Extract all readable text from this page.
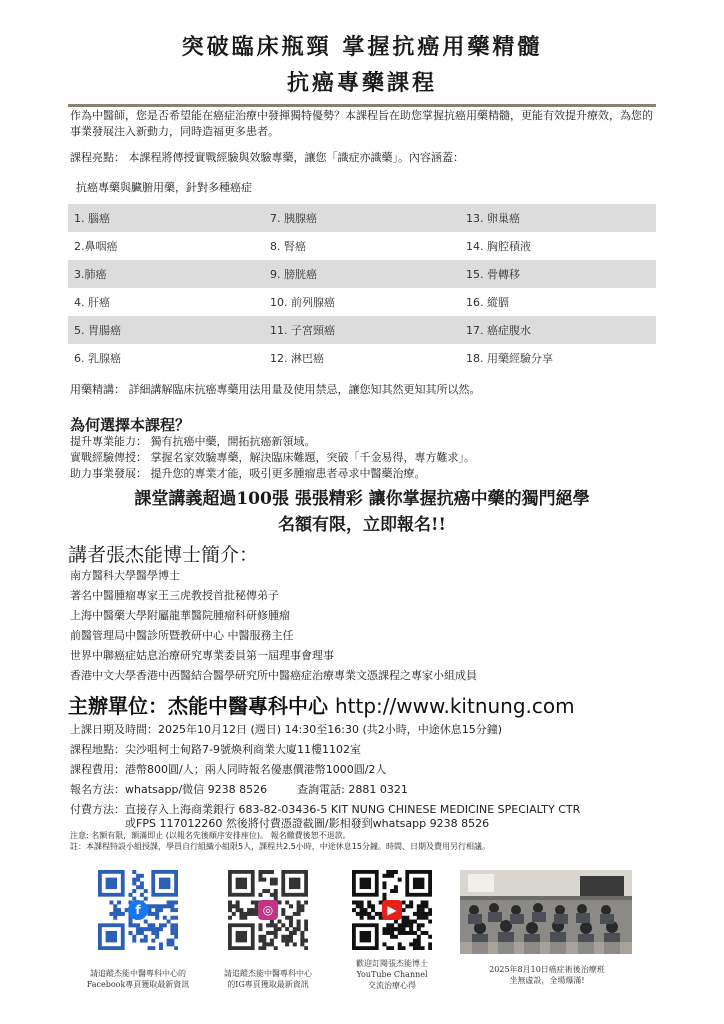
突破臨床瓶頸 掌握抗癌用藥精髓
抗癌專藥課程

作為中醫師，您是否希望能在癌症治療中發揮獨特優勢？本課程旨在助您掌握抗癌用藥精髓，更能有效提升療效，為您的事業發展注入新動力，同時造福更多患者。

課程亮點： 本課程將傳授實戰經驗與效驗專藥，讓您「識症亦識藥」。內容涵蓋：

抗癌專藥與臟腑用藥，針對多種癌症

1. 腦癌	7. 胰腺癌	13. 卵巢癌
2.鼻咽癌	8. 腎癌	14. 胸腔積液
3.肺癌	9. 膀胱癌	15. 骨轉移
4. 肝癌	10. 前列腺癌	16. 縱膈
5. 胃腸癌	11. 子宮頸癌	17. 癌症腹水
6. 乳腺癌	12. 淋巴癌	18. 用藥經驗分享

用藥精講： 詳細講解臨床抗癌專藥用法用量及使用禁忌，讓您知其然更知其所以然。

為何選擇本課程？
提升專業能力： 獨有抗癌中藥，開拓抗癌新領域。
實戰經驗傳授： 掌握名家效驗專藥，解決臨床難題，突破「千金易得，專方難求」。
助力事業發展： 提升您的專業才能，吸引更多腫瘤患者尋求中醫藥治療。
課堂講義超過100張 張張精彩 讓你掌握抗癌中藥的獨門絕學
名額有限，立即報名!!
講者張杰能博士簡介：
南方醫科大學醫學博士
著名中醫腫瘤專家王三虎教授首批秘傳弟子
上海中醫藥大學附屬龍華醫院腫瘤科研修腫瘤
前醫管理局中醫診所暨教研中心 中醫服務主任
世界中聯癌症姑息治療研究專業委員第一屆理事會理事
香港中文大學香港中西醫結合醫學研究所中醫癌症治療專業文憑課程之專家小組成員
主辦單位：杰能中醫專科中心 http://www.kitnung.com
上課日期及時間： 2025年10月12日 (週日) 14:30至16:30 (共2小時，中途休息15分鐘)
課程地點： 尖沙咀柯士甸路7-9號煥利商業大廈11樓1102室
課程費用： 港幣800圓/人；兩人同時報名優惠價港幣1000圓/2人
報名方法： whatsapp/微信 9238 8526	查詢電話: 2881 0321
付費方法： 直接存入上海商業銀行 683-82-03436-5 KIT NUNG CHINESE MEDICINE SPECIALTY CTR
或FPS 117012260 然後將付費憑證截圖/影相發到whatsapp 9238 8526
注意: 名額有限，額滿即止 (以報名先後順序安排座位)。 報名繳費後恕不退款。
註：本課程特設小組授課，學員自行組織小組限5人，課程共2.5小時，中途休息15分鐘。時間、日期及費用另行相議。
f
請追蹤杰能中醫專科中心的
Facebook專頁獲取最新資訊
◎
請追蹤杰能中醫專科中心
的IG專頁獲取最新資訊
▶
歡迎訂閱張杰能博士
YouTube Channel
交流治療心得
2025年8月10日癌症術後治療班
坐無虛設，全場爆滿!
